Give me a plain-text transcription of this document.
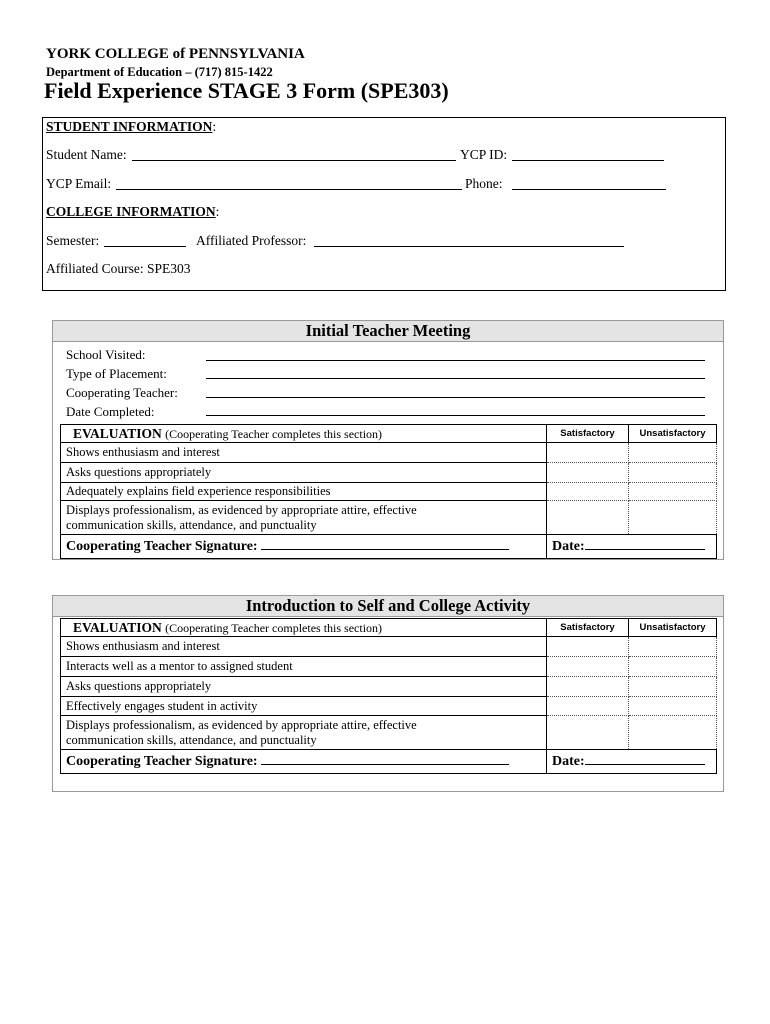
YORK COLLEGE of PENNSYLVANIA
Department of Education – (717) 815-1422
Field Experience STAGE 3 Form (SPE303)
STUDENT INFORMATION:
Student Name:	YCP ID:
YCP Email:	Phone:
COLLEGE INFORMATION:
Semester:	Affiliated Professor:
Affiliated Course: SPE303
Initial Teacher Meeting
School Visited:
Type of Placement:
Cooperating Teacher:
Date Completed:
EVALUATION (Cooperating Teacher completes this section)	Satisfactory	Unsatisfactory
Shows enthusiasm and interest		
Asks questions appropriately		
Adequately explains field experience responsibilities		

Displays professionalism, as evidenced by appropriate attire, effective
communication skills, attendance, and punctuality		

Cooperating Teacher Signature:	Date:	
Introduction to Self and College Activity
EVALUATION (Cooperating Teacher completes this section)	Satisfactory	Unsatisfactory
Shows enthusiasm and interest		
Interacts well as a mentor to assigned student		
Asks questions appropriately		
Effectively engages student in activity		

Displays professionalism, as evidenced by appropriate attire, effective
communication skills, attendance, and punctuality		

Cooperating Teacher Signature:	Date:	
